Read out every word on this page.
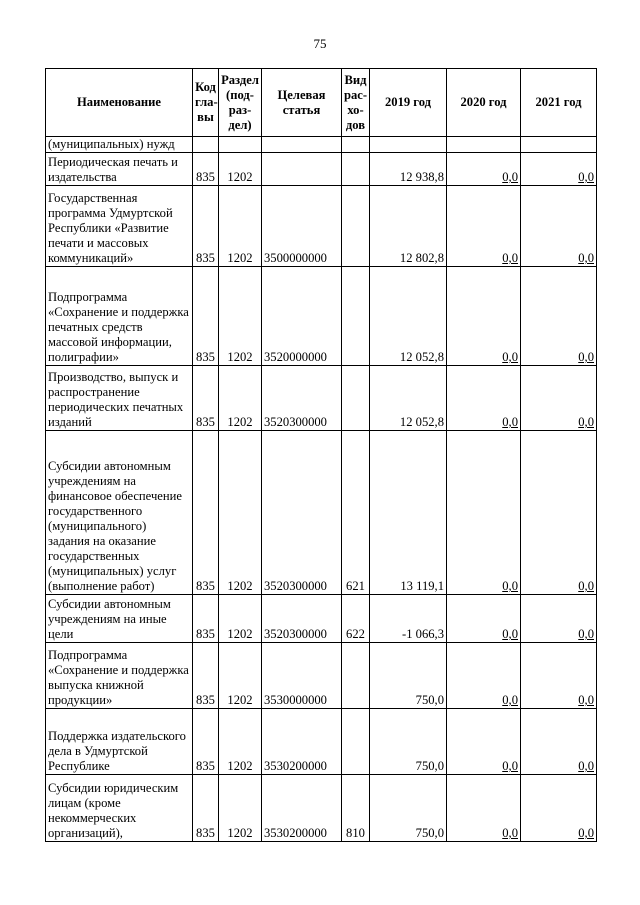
75
Наименование	Код гла-вы	Раздел (под-раз-дел)	Целевая статья	Вид рас-хо-дов	2019 год	2020 год	2021 год
(муниципальных) нужд							
Периодическая печать и издательства	835	1202			12 938,8	0,0	0,0
Государственная программа Удмуртской Республики «Развитие печати и массовых коммуникаций»	835	1202	3500000000		12 802,8	0,0	0,0
Подпрограмма «Сохранение и поддержка печатных средств массовой информации, полиграфии»	835	1202	3520000000		12 052,8	0,0	0,0
Производство, выпуск и распространение периодических печатных изданий	835	1202	3520300000		12 052,8	0,0	0,0
Субсидии автономным учреждениям на финансовое обеспечение государственного (муниципального) задания на оказание государственных (муниципальных) услуг (выполнение работ)	835	1202	3520300000	621	13 119,1	0,0	0,0
Субсидии автономным учреждениям на иные цели	835	1202	3520300000	622	-1 066,3	0,0	0,0
Подпрограмма «Сохранение и поддержка выпуска книжной продукции»	835	1202	3530000000		750,0	0,0	0,0
Поддержка издательского дела в Удмуртской Республике	835	1202	3530200000		750,0	0,0	0,0
Субсидии юридическим лицам (кроме некоммерческих организаций),	835	1202	3530200000	810	750,0	0,0	0,0
